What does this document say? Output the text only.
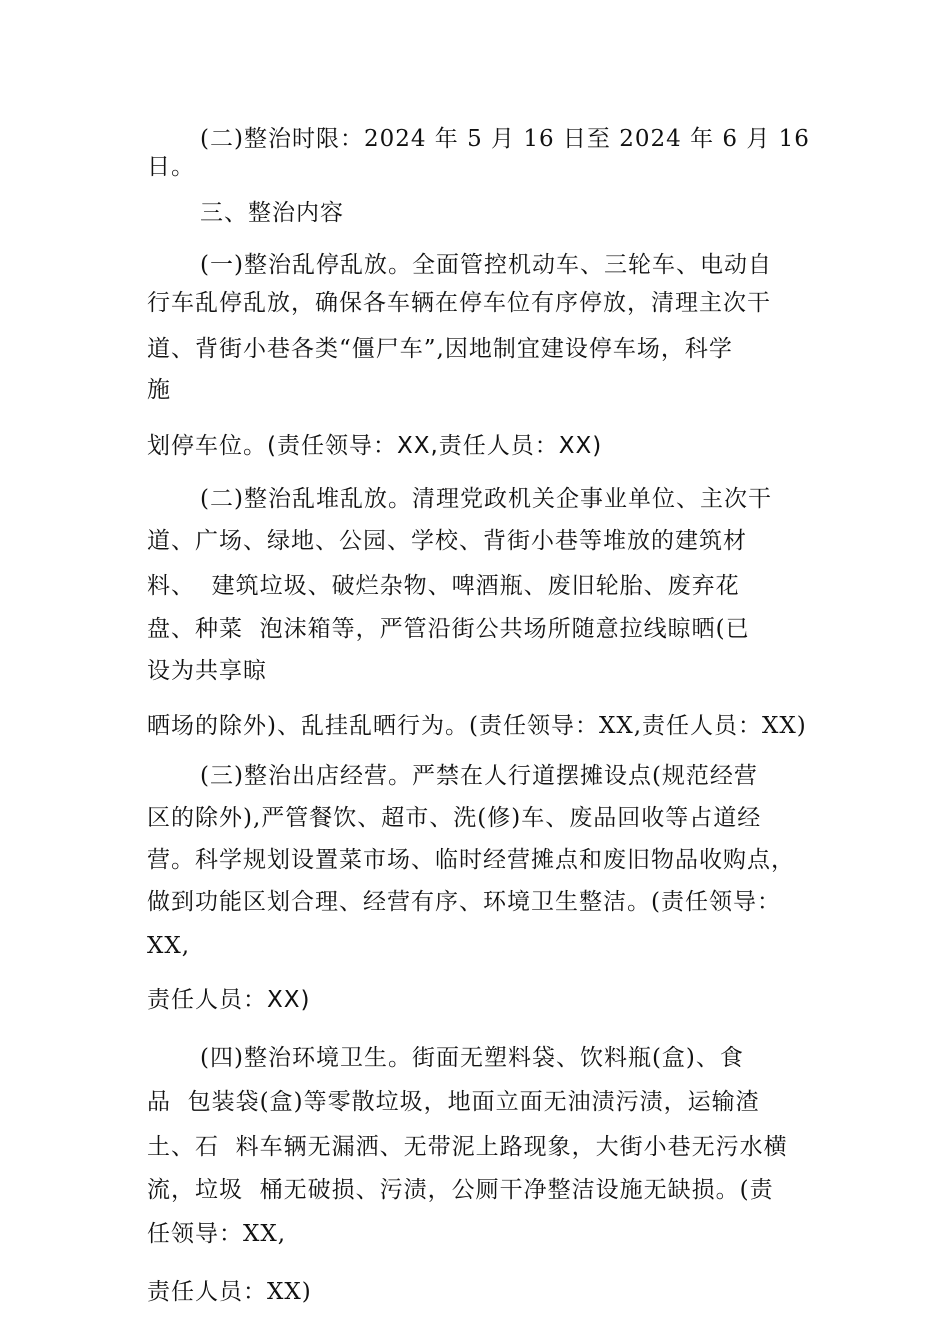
(二)整治时限：2024 年 5 月 16 日至 2024 年 6 月 16
日。
三、整治内容
(一)整治乱停乱放。全面管控机动车、三轮车、电动自
行车乱停乱放，确保各车辆在停车位有序停放，清理主次干
道、背街小巷各类“僵尸车”,因地制宜建设停车场，科学
施
划停车位。(责任领导：XX,责任人员：XX)
(二)整治乱堆乱放。清理党政机关企事业单位、主次干
道、广场、绿地、公园、学校、背街小巷等堆放的建筑材
料、  建筑垃圾、破烂杂物、啤酒瓶、废旧轮胎、废弃花
盘、种菜  泡沫箱等，严管沿街公共场所随意拉线晾晒(已
设为共享晾
晒场的除外)、乱挂乱晒行为。(责任领导：XX,责任人员：XX)
(三)整治出店经营。严禁在人行道摆摊设点(规范经营
区的除外),严管餐饮、超市、洗(修)车、废品回收等占道经
营。科学规划设置菜市场、临时经营摊点和废旧物品收购点，
做到功能区划合理、经营有序、环境卫生整洁。(责任领导：
XX,
责任人员：XX)
(四)整治环境卫生。街面无塑料袋、饮料瓶(盒)、食
品  包装袋(盒)等零散垃圾，地面立面无油渍污渍，运输渣
土、石  料车辆无漏洒、无带泥上路现象，大街小巷无污水横
流，垃圾  桶无破损、污渍，公厕干净整洁设施无缺损。(责
任领导：XX,
责任人员：XX)
